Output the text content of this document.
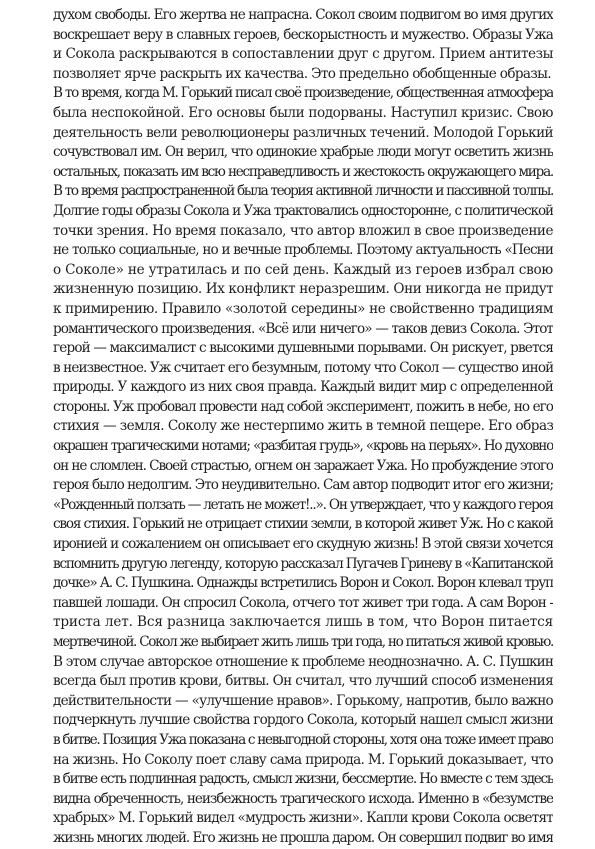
духом свободы. Его жертва не напрасна. Сокол своим подвигом во имя других
воскрешает веру в славных героев, бескорыстность и мужество. Образы Ужа
и Сокола раскрываются в сопоставлении друг с другом. Прием антитезы
позволяет ярче раскрыть их качества. Это предельно обобщенные образы.
В то время, когда М. Горький писал своё произведение, общественная атмосфера
была неспокойной. Его основы были подорваны. Наступил кризис. Свою
деятельность вели революционеры различных течений. Молодой Горький
сочувствовал им. Он верил, что одинокие храбрые люди могут осветить жизнь
остальных, показать им всю несправедливость и жестокость окружающего мира.
В то время распространенной была теория активной личности и пассивной толпы.
Долгие годы образы Сокола и Ужа трактовались односторонне, с политической
точки зрения. Но время показало, что автор вложил в свое произведение
не только социальные, но и вечные проблемы. Поэтому актуальность «Песни
о Соколе» не утратилась и по сей день. Каждый из героев избрал свою
жизненную позицию. Их конфликт неразрешим. Они никогда не придут
к примирению. Правило «золотой середины» не свойственно традициям
романтического произведения. «Всё или ничего» — таков девиз Сокола. Этот
герой — максималист с высокими душевными порывами. Он рискует, рвется
в неизвестное. Уж считает его безумным, потому что Сокол — существо иной
природы. У каждого из них своя правда. Каждый видит мир с определенной
стороны. Уж пробовал провести над собой эксперимент, пожить в небе, но его
стихия — земля. Соколу же нестерпимо жить в темной пещере. Его образ
окрашен трагическими нотами; «разбитая грудь», «кровь на перьях». Но духовно
он не сломлен. Своей страстью, огнем он заражает Ужа. Но пробуждение этого
героя было недолгим. Это неудивительно. Сам автор подводит итог его жизни;
«Рожденный ползать — летать не может!..». Он утверждает, что у каждого героя
своя стихия. Горький не отрицает стихии земли, в которой живет Уж. Но с какой
иронией и сожалением он описывает его скудную жизнь! В этой связи хочется
вспомнить другую легенду, которую рассказал Пугачев Гриневу в «Капитанской
дочке» А. С. Пушкина. Однажды встретились Ворон и Сокол. Ворон клевал труп
павшей лошади. Он спросил Сокола, отчего тот живет три года. А сам Ворон -
триста лет. Вся разница заключается лишь в том, что Ворон питается
мертвечиной. Сокол же выбирает жить лишь три года, но питаться живой кровью.
В этом случае авторское отношение к проблеме неоднозначно. А. С. Пушкин
всегда был против крови, битвы. Он считал, что лучший способ изменения
действительности — «улучшение нравов». Горькому, напротив, было важно
подчеркнуть лучшие свойства гордого Сокола, который нашел смысл жизни
в битве. Позиция Ужа показана с невыгодной стороны, хотя она тоже имеет право
на жизнь. Но Соколу поет славу сама природа. М. Горький доказывает, что
в битве есть подлинная радость, смысл жизни, бессмертие. Но вместе с тем здесь
видна обреченность, неизбежность трагического исхода. Именно в «безумстве
храбрых» М. Горький видел «мудрость жизни». Капли крови Сокола осветят
жизнь многих людей. Его жизнь не прошла даром. Он совершил подвиг во имя
